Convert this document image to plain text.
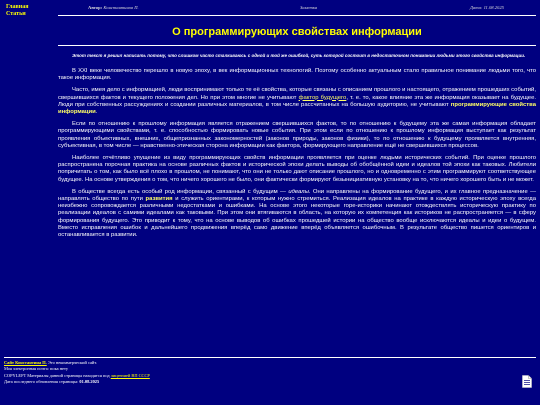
Главная
Статьи
Автор: Константинов П.	Заметка	Дата: 11.08.2025
О программирующих свойствах информации

Этот текст я решил написать потому, что слишком часто сталкиваюсь с одной и той же ошибкой, суть которой состоит в недостаточном понимании людьми этого свойства информации.

В XXI веке человечество перешло в новую эпоху, в век информационных технологий. Поэтому особенно актуальным стало правильное понимание людьми того, что такое информация.

Часто, имея дело с информацией, люди воспринимают только те её свойства, которые связаны с описанием прошлого и настоящего, отражением прошедших событий, свершившихся фактов и текущего положения дел. Но при этом многие не учитывают фактор будущего, т. е. то, какое влияние эта же информация оказывает на будущее. Люди при собственных рассуждениях и создании различных материалов, в том числе рассчитанных на большую аудиторию, не учитывают программирующие свойства информации.

Если по отношению к прошлому информация является отражением свершившихся фактов, то по отношению к будущему эта же самая информация обладает программирующими свойствами, т. е. способностью формировать новые события. При этом если по отношению к прошлому информация выступает как результат проявления объективных, внешних, общепризнанных закономерностей (законов природы, законов физики), то по отношению к будущему проявляется внутренняя, субъективная, в том числе — нравственно-этическая сторона информации как фактора, формирующего направление ещё не свершившихся процессов.

Наиболее отчётливо упущение из виду программирующих свойств информации проявляется при оценке людьми исторических событий. При оценке прошлого распространена порочная практика на основе различных фактов и исторической эпохи делать выводы об обобщённой идеи и идеалов той эпохи как таковых. Любители попричитать о том, как было всё плохо в прошлом, не понимают, что они не только дают описание прошлого, но и одновременно с этим программируют соответствующее будущее. На основе утверждения о том, что ничего хорошего не было, они фактически формируют безынициативную установку на то, что ничего хорошего быть и не может.

В обществе всегда есть особый род информации, связанный с будущим — идеалы. Они направлены на формирование будущего, и их главное предназначение — направлять общество по пути развития и служить ориентирами, к которым нужно стремиться. Реализация идеалов на практике в каждую историческую эпоху всегда неизбежно сопровождается различными недостатками и ошибками. На основе этого некоторые горе-историки начинают отождествлять историческую практику по реализации идеалов с самими идеалами как таковыми. При этом они втягиваются в область, на которую их компетенция как историков не распространяется — в сферу формирования будущего. Это приводит к тому, что на основе выводов об ошибках прошедшей истории на общество вообще исключаются идеалы и идеи о будущем. Вместо исправления ошибок и дальнейшего продвижения вперёд само движение вперёд объявляется ошибочным. В результате общество пишется ориентиров и останавливается в развитии.

Сайт Константина П. Это некоммерческий сайт.
Моя электронная почта: пока нету
COPYLEFT Материалы данной страницы находятся под лицензией ВП СССР
Дата последнего обновления страницы: 01.08.2025
